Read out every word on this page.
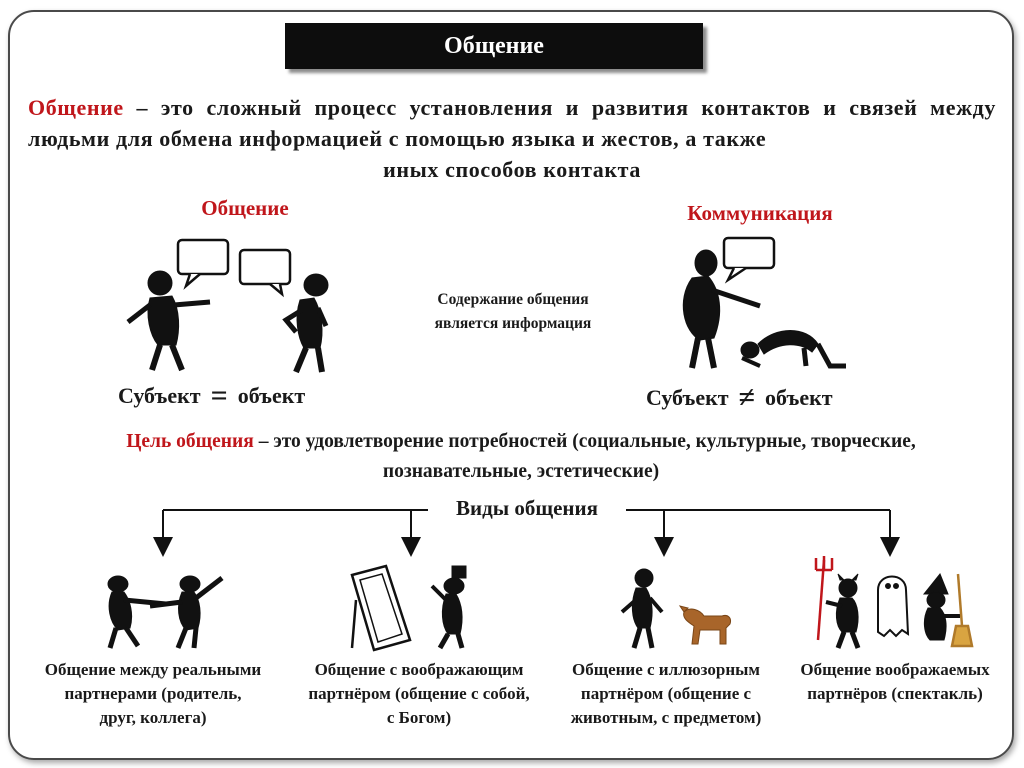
Общение
Общение – это сложный процесс установления и развития контактов и связей между людьми для обмена информацией с помощью языка и жестов, а также
иных способов контакта
Общение	Коммуникация
Содержание общения
является информация
Субъект = объект	Субъект ≠ объект
Цель общения – это удовлетворение потребностей (социальные, культурные, творческие,
познавательные, эстетические)
Виды общения
Общение между реальными
партнерами (родитель,
друг, коллега)
Общение с воображающим
партнёром (общение с собой,
с Богом)
Общение с иллюзорным
партнёром (общение с
животным, с предметом)
Общение воображаемых
партнёров (спектакль)
